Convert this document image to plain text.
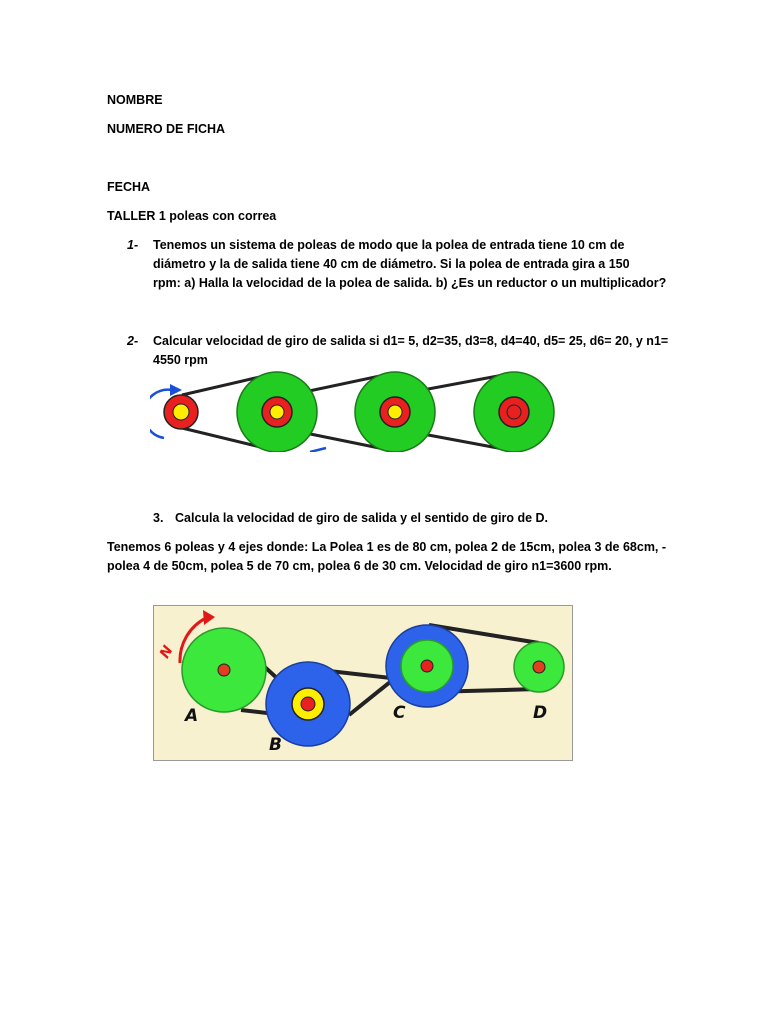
NOMBRE
NUMERO DE FICHA
FECHA
TALLER 1 poleas con correa
1- Tenemos un sistema de poleas de modo que la polea de entrada tiene 10 cm de
diámetro y la de salida tiene 40 cm de diámetro. Si la polea de entrada gira a 150
rpm: a) Halla la velocidad de la polea de salida. b) ¿Es un reductor o un multiplicador?
2- Calcular velocidad de giro de salida si d1= 5, d2=35, d3=8, d4=40, d5= 25, d6= 20, y n1=
4550 rpm
3. Calcula la velocidad de giro de salida y el sentido de giro de D.
Tenemos 6 poleas y 4 ejes donde: La Polea 1 es de 80 cm, polea 2 de 15cm, polea 3 de 68cm, -
polea 4 de 50cm, polea 5 de 70 cm, polea 6 de 30 cm. Velocidad de giro n1=3600 rpm.
N
A
B
C	D
